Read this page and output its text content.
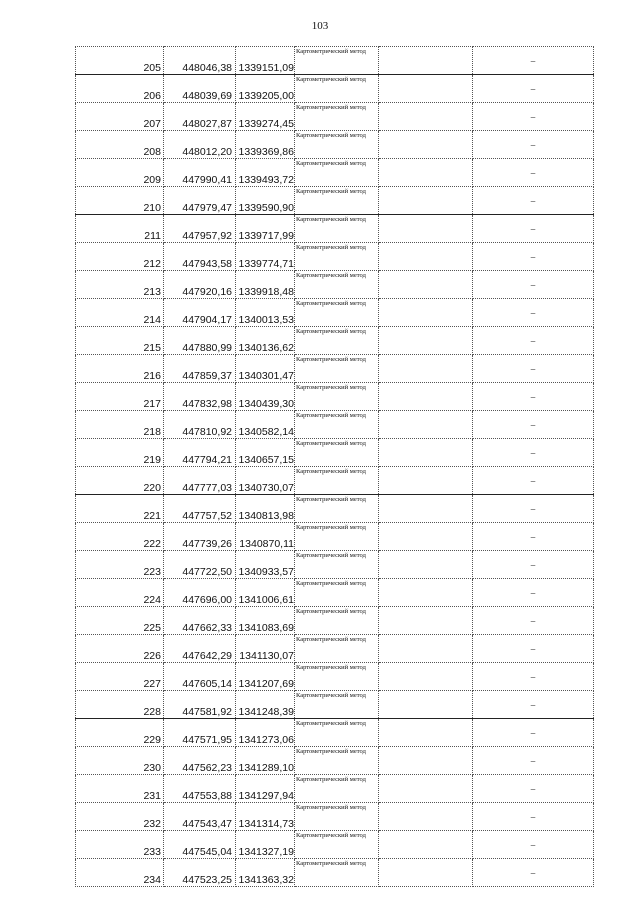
103
205	448046,38	1339151,09	Картометрический метод		–
206	448039,69	1339205,00	Картометрический метод		–
207	448027,87	1339274,45	Картометрический метод		–
208	448012,20	1339369,86	Картометрический метод		–
209	447990,41	1339493,72	Картометрический метод		–
210	447979,47	1339590,90	Картометрический метод		–
211	447957,92	1339717,99	Картометрический метод		–
212	447943,58	1339774,71	Картометрический метод		–
213	447920,16	1339918,48	Картометрический метод		–
214	447904,17	1340013,53	Картометрический метод		–
215	447880,99	1340136,62	Картометрический метод		–
216	447859,37	1340301,47	Картометрический метод		–
217	447832,98	1340439,30	Картометрический метод		–
218	447810,92	1340582,14	Картометрический метод		–
219	447794,21	1340657,15	Картометрический метод		–
220	447777,03	1340730,07	Картометрический метод		–
221	447757,52	1340813,98	Картометрический метод		–
222	447739,26	1340870,11	Картометрический метод		–
223	447722,50	1340933,57	Картометрический метод		–
224	447696,00	1341006,61	Картометрический метод		–
225	447662,33	1341083,69	Картометрический метод		–
226	447642,29	1341130,07	Картометрический метод		–
227	447605,14	1341207,69	Картометрический метод		–
228	447581,92	1341248,39	Картометрический метод		–
229	447571,95	1341273,06	Картометрический метод		–
230	447562,23	1341289,10	Картометрический метод		–
231	447553,88	1341297,94	Картометрический метод		–
232	447543,47	1341314,73	Картометрический метод		–
233	447545,04	1341327,19	Картометрический метод		–
234	447523,25	1341363,32	Картометрический метод		–
